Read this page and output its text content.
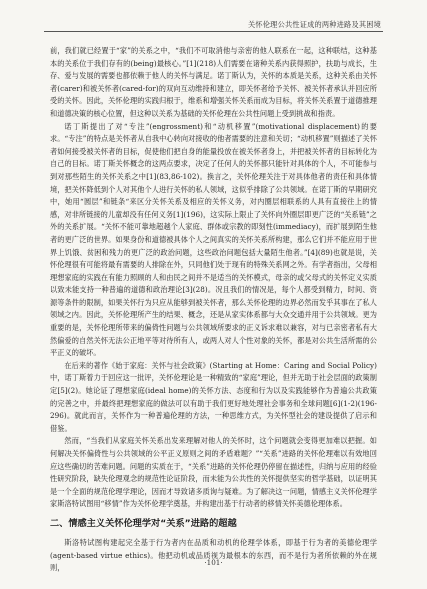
关怀伦理公共性证成的两种进路及其困境

前，我们就已经置于“家”的关系之中，“我们不可取消他与亲密的他人联系在一起，这种联结，这种基本的关系位于我们存有的(being)最核心。”[1](218)人们需要在诸种关系内获得照护，扶助与成长，生存、爱与发展的需要也都依赖于他人的关怀与满足。诺丁斯认为，关怀的本质是关系，这种关系由关怀者(carer)和被关怀者(cared-for)的双向互动维持和建立，即关怀者给予关怀、被关怀者承认并回应所受的关怀。因此，关怀伦理的实践归根于，维系和增强关怀关系而成为目标，将关怀关系置于道德推理和道德决策的核心位置，但这种以关系为基础的关怀伦理在公共性问题上受到挑战和指责。

诺丁斯提出了对“专注”(engrossment)和“动机移置”(motivational displacement)的要求。“专注”的特点是关怀者从自我中心转向对接收的他者需要的注意和关切；“动机移置”则描述了关怀者如何接受被关怀者的目标，促使他们把自身的能量投放在被关怀者身上，并把被关怀者的目标转化为自己的目标。诺丁斯关怀概念的这两点要求，决定了任何人的关怀都只能针对具体的个人，不可能参与到对那些陌生的关怀关系之中[1](83,86-102)。换言之，关怀伦理关注于对具体他者的责任和具体情境，把关怀降低到个人对其他个人进行关怀的私人领域，这似乎排除了公共领域。在诺丁斯的早期研究中，她用“圆层”和链条“来区分关怀关系及相应的关怀义务，对内圈层相联系的人具有直接往上的情感，对非所链接的儿童却没有任何义务[1](196)，这实际上限止了关怀向外圈层即更广泛的“关系链”之外的关系扩展。“关怀不能可靠地超越个人家庭、群体或宗教的即刻性(immediacy)，而扩展到陌生他者的更广泛的世界。如果身份和道德被具体个人之间真实的关怀关系所构建，那么它们并不能应用于世界上饥饿、贫困和残力的更广泛的政治问题，这些政治问题包括大量陌生他者。”[4](89)也就是说，关怀伦理很有可能将最有需要的人排除在外，只同他们处于现有的特殊关系网之外。有学者指出，父母相理想家庭的实践在有能力照顾的人和由民之间并不是适当的关怀模式，母亲的或父母式的关怀定义实质以致未能支持一种普遍的道德和政治理论[3](28)。况且我们的情况是，每个人都受到精力，时间、资源等条件的限制，如果关怀行为只应从能够到被关怀者，那么关怀伦理的边界必然而发乎其事在了私人领域之内。因此，关怀伦理所产生的结果、概念，还是从家实体系都与大众交通并用于公共领域。更为重要的是，关怀伦理所带来的偏倚性问题与公共领域所要求的正义诉求难以兼容，对与已亲密者私有大然偏爱的自然关怀无法公正地平等对待所有人，或两人对人个性对象的关怀，都是对公共生活所需的公平正义的破坏。

在后来的著作《始于家庭：关怀与社会政策》(Starting at Home：Caring and Social Policy)中，诺丁斯着力于回应这一批评，关怀伦理论是一种精致的“家庭”理论，但并无助于社会层面的政策制定[5](2)。她论证了理想家庭(ideal home)的关怀方法、态度和行为以及实践能够作为普遍公共政策的完善之中，并最终把理想家庭的做法可以有助于我们更好地处理社会事务和全球问题[6](1-2)(196-296)。就此而言，关怀作为一种普遍伦理的方法，一种思维方式，为关怀型社会的建设提供了启示和借鉴。

然而，“当我们从家庭关怀关系出发来理解对他人的关怀时，这个问题就会变得更加难以把握。如何解决关怀偏倚性与公共领域的公平正义原则之间的矛盾难题？”“关系”进路的关怀伦理难以有效地回应这些确切的苦难问题。问题的实质在于，“关系”进路的关怀伦理仍停留在描述性，归纳与应用的经验性研究阶段，缺失伦理观念的规范性论证阶段，而未能为公共性的关怀提供坚实的哲学基础，以证明其是一个全面的规范伦理学理论，因而才导致诸多质询与疑难。为了解决这一问题，情感主义关怀伦理学家斯洛特试图用“移情”作为关怀伦理学奠基，并构建出基于行动者的移情关怀美德伦理体系。

二、情感主义关怀伦理学对“关系”进路的超越

斯洛特试图构建起完全基于行为者内在品质和动机的伦理学体系，即基于行为者的美德伦理学(agent-based virtue ethics)。他把动机或品质视为最根本的东西，而不是行为者所依赖的外在规则，

·101·
